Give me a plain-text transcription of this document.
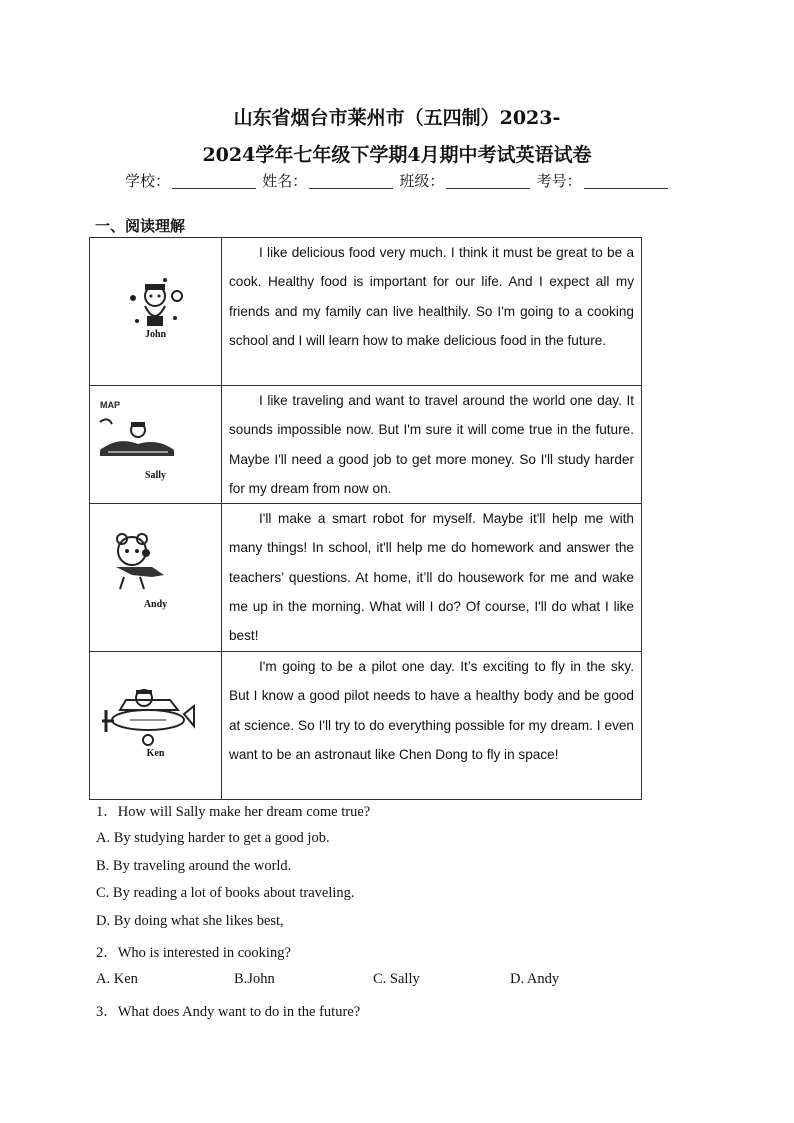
山东省烟台市莱州市（五四制）2023-
2024学年七年级下学期4月期中考试英语试卷
学校：	姓名：	班级：	考号：
一、阅读理解
John	I like delicious food very much. I think it must be great to be a cook. Healthy food is important for our life. And I expect all my friends and my family can live healthily. So I'm going to a cooking school and I will learn how to make delicious food in the future.

MAP
Sally	I like traveling and want to travel around the world one day. It sounds impossible now. But I'm sure it will come true in the future. Maybe I'll need a good job to get more money. So I'll study harder for my dream from now on.

Andy	I'll make a smart robot for myself. Maybe it'll help me with many things! In school, it'll help me do homework and answer the teachers’ questions. At home, it’ll do housework for me and wake me up in the morning. What will I do? Of course, I'll do what I like best!

Ken	I'm going to be a pilot one day. It’s exciting to fly in the sky. But I know a good pilot needs to have a healthy body and be good at science. So I'll try to do everything possible for my dream. I even want to be an astronaut like Chen Dong to fly in space!
1．How will Sally make her dream come true?
A. By studying harder to get a good job.
B. By traveling around the world.
C. By reading a lot of books about traveling.
D. By doing what she likes best,
2．Who is interested in cooking?
A. Ken	B.John	C. Sally	D. Andy
3．What does Andy want to do in the future?
